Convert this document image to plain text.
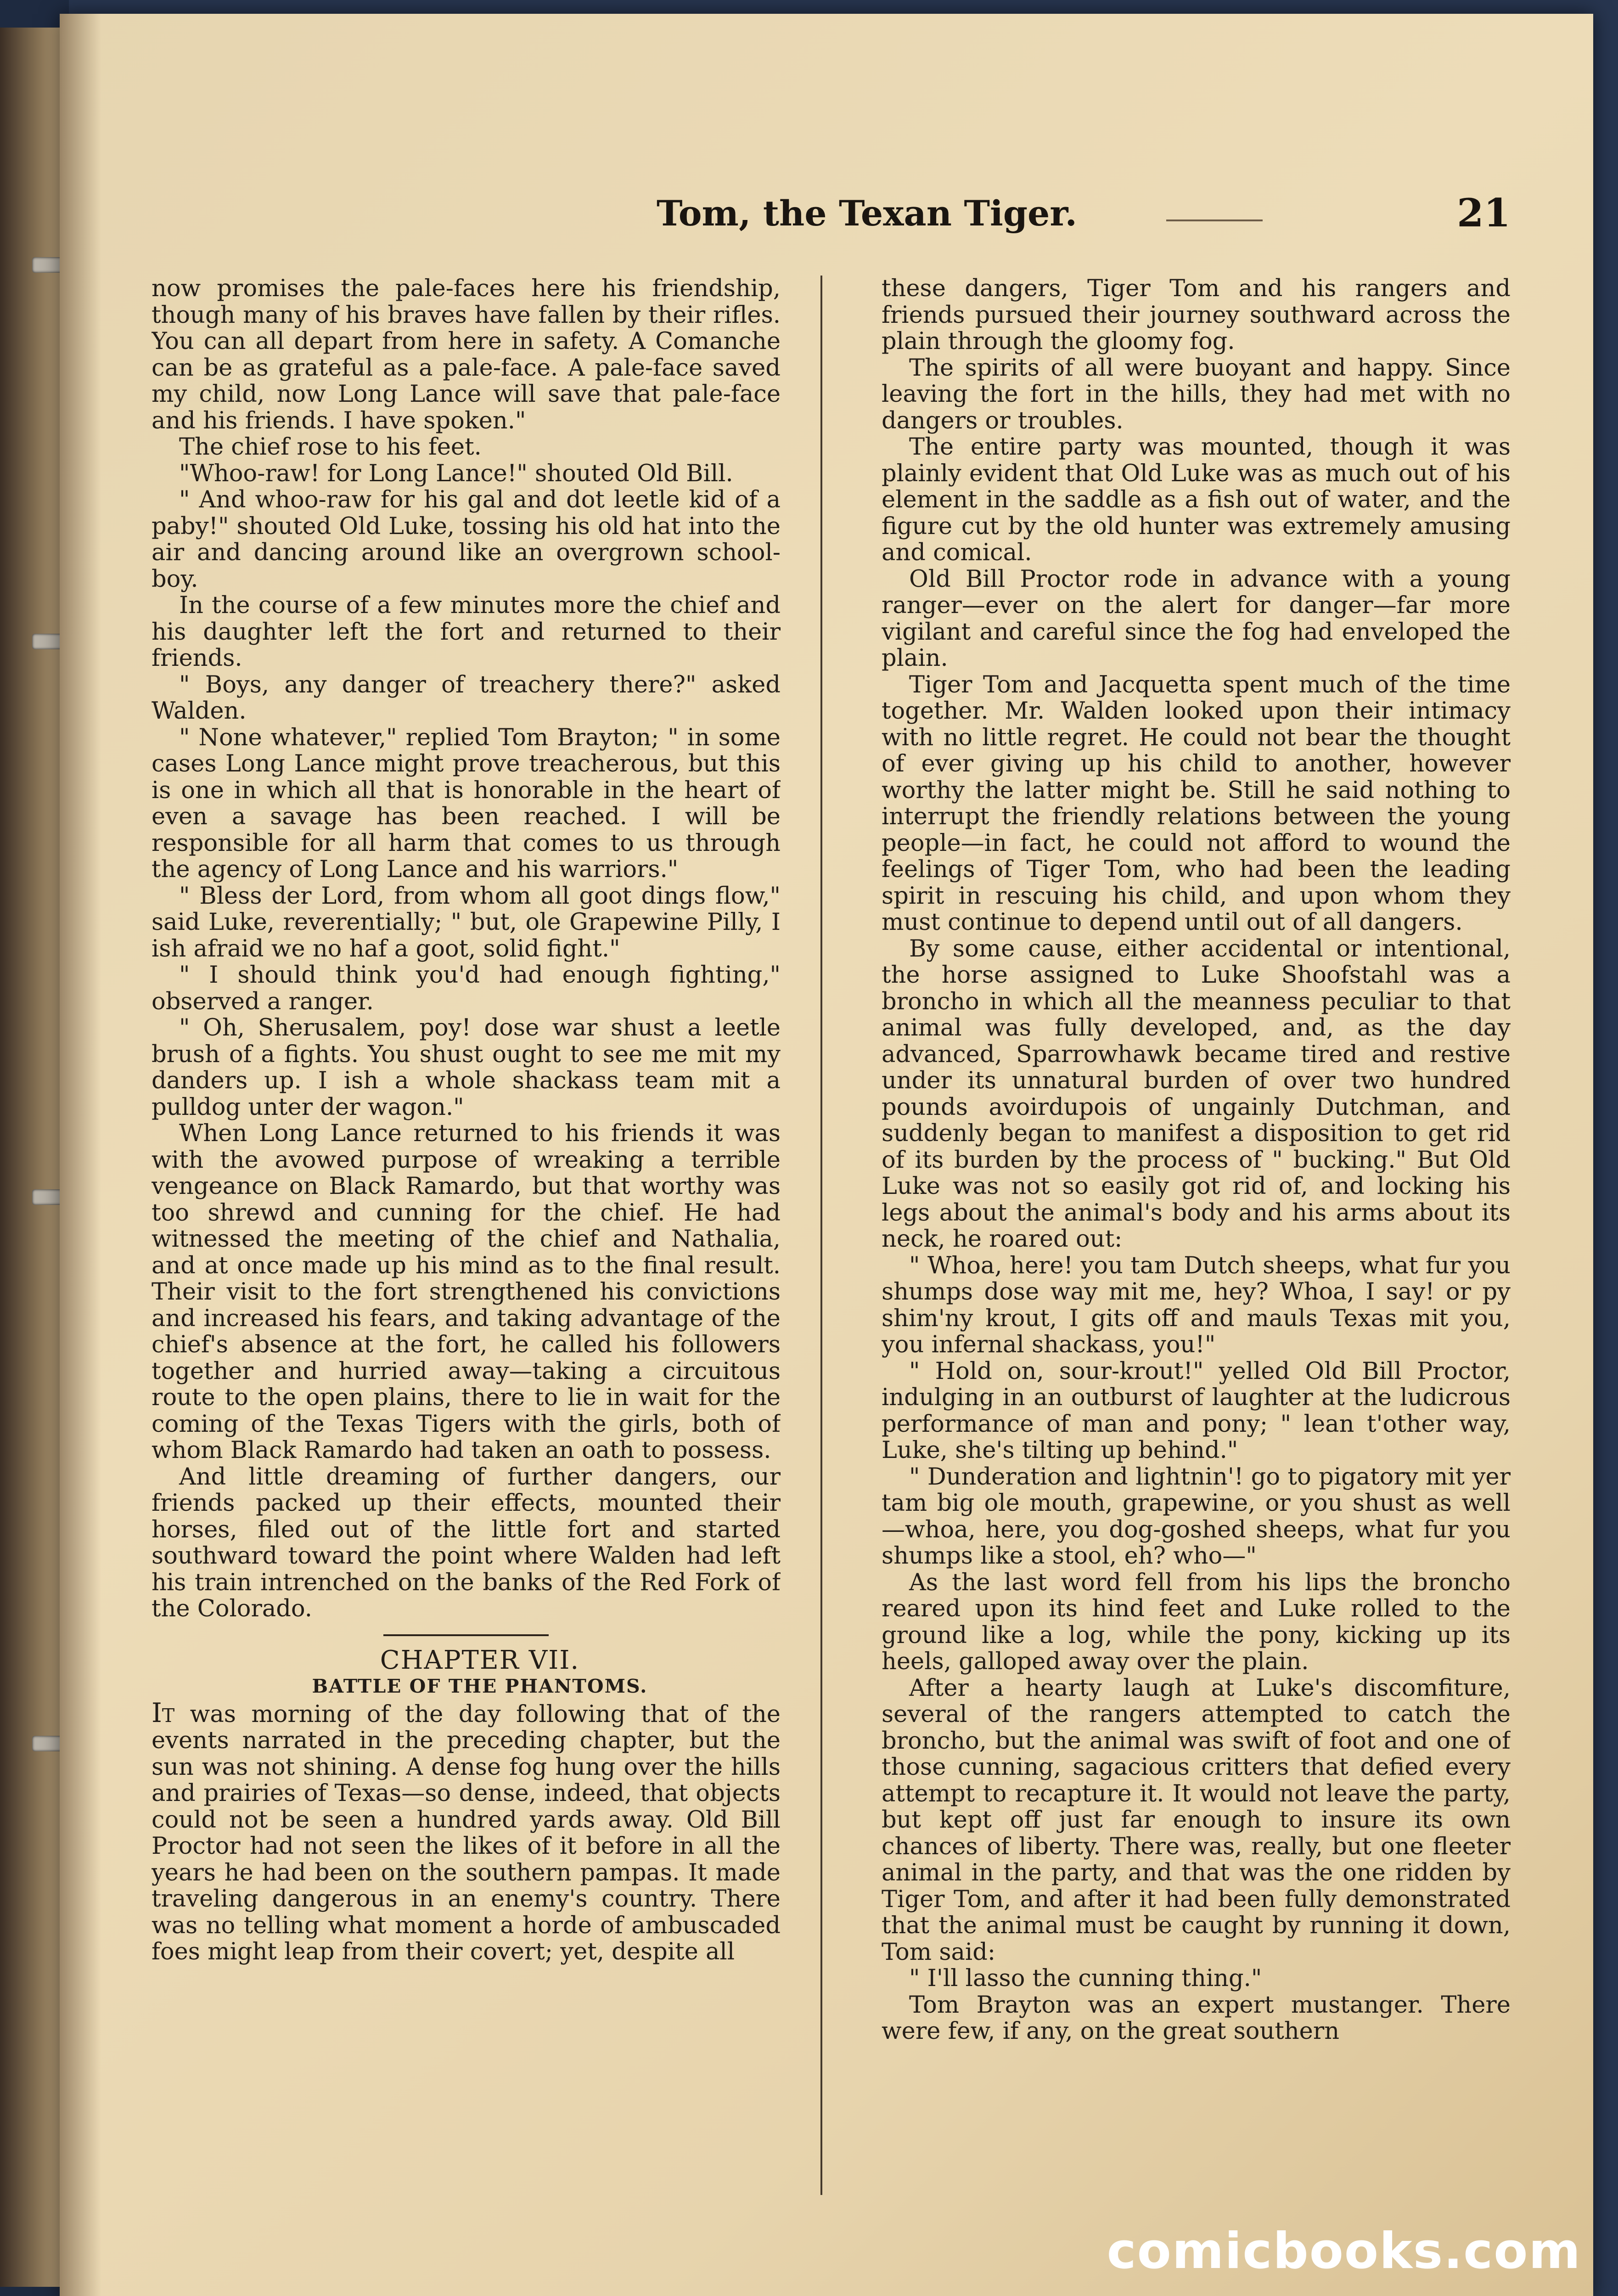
Tom, the Texan Tiger.	21

now promises the pale-faces here his friendship, though many of his braves have fallen by their rifles. You can all depart from here in safety. A Comanche can be as grateful as a pale-face. A pale-face saved my child, now Long Lance will save that pale-face and his friends. I have spoken."

The chief rose to his feet.

"Whoo-raw! for Long Lance!" shouted Old Bill.

" And whoo-raw for his gal and dot leetle kid of a paby!" shouted Old Luke, tossing his old hat into the air and dancing around like an overgrown school-boy.

In the course of a few minutes more the chief and his daughter left the fort and returned to their friends.

" Boys, any danger of treachery there?" asked Walden.

" None whatever," replied Tom Brayton; " in some cases Long Lance might prove treacherous, but this is one in which all that is honorable in the heart of even a savage has been reached. I will be responsible for all harm that comes to us through the agency of Long Lance and his warriors."

" Bless der Lord, from whom all goot dings flow," said Luke, reverentially; " but, ole Grapewine Pilly, I ish afraid we no haf a goot, solid fight."

" I should think you'd had enough fighting," observed a ranger.

" Oh, Sherusalem, poy! dose war shust a leetle brush of a fights. You shust ought to see me mit my danders up. I ish a whole shackass team mit a pulldog unter der wagon."

When Long Lance returned to his friends it was with the avowed purpose of wreaking a terrible vengeance on Black Ramardo, but that worthy was too shrewd and cunning for the chief. He had witnessed the meeting of the chief and Nathalia, and at once made up his mind as to the final result. Their visit to the fort strengthened his convictions and increased his fears, and taking advantage of the chief's absence at the fort, he called his followers together and hurried away—taking a circuitous route to the open plains, there to lie in wait for the coming of the Texas Tigers with the girls, both of whom Black Ramardo had taken an oath to possess.

And little dreaming of further dangers, our friends packed up their effects, mounted their horses, filed out of the little fort and started southward toward the point where Walden had left his train intrenched on the banks of the Red Fork of the Colorado.

CHAPTER VII.

BATTLE OF THE PHANTOMS.

It was morning of the day following that of the events narrated in the preceding chapter, but the sun was not shining. A dense fog hung over the hills and prairies of Texas—so dense, indeed, that objects could not be seen a hundred yards away. Old Bill Proctor had not seen the likes of it before in all the years he had been on the southern pampas. It made traveling dangerous in an enemy's country. There was no telling what moment a horde of ambuscaded foes might leap from their covert; yet, despite all

these dangers, Tiger Tom and his rangers and friends pursued their journey southward across the plain through the gloomy fog.

The spirits of all were buoyant and happy. Since leaving the fort in the hills, they had met with no dangers or troubles.

The entire party was mounted, though it was plainly evident that Old Luke was as much out of his element in the saddle as a fish out of water, and the figure cut by the old hunter was extremely amusing and comical.

Old Bill Proctor rode in advance with a young ranger—ever on the alert for danger—far more vigilant and careful since the fog had enveloped the plain.

Tiger Tom and Jacquetta spent much of the time together. Mr. Walden looked upon their intimacy with no little regret. He could not bear the thought of ever giving up his child to another, however worthy the latter might be. Still he said nothing to interrupt the friendly relations between the young people—in fact, he could not afford to wound the feelings of Tiger Tom, who had been the leading spirit in rescuing his child, and upon whom they must continue to depend until out of all dangers.

By some cause, either accidental or intentional, the horse assigned to Luke Shoofstahl was a broncho in which all the meanness peculiar to that animal was fully developed, and, as the day advanced, Sparrowhawk became tired and restive under its unnatural burden of over two hundred pounds avoirdupois of ungainly Dutchman, and suddenly began to manifest a disposition to get rid of its burden by the process of " bucking." But Old Luke was not so easily got rid of, and locking his legs about the animal's body and his arms about its neck, he roared out:

" Whoa, here! you tam Dutch sheeps, what fur you shumps dose way mit me, hey? Whoa, I say! or py shim'ny krout, I gits off and mauls Texas mit you, you infernal shackass, you!"

" Hold on, sour-krout!" yelled Old Bill Proctor, indulging in an outburst of laughter at the ludicrous performance of man and pony; " lean t'other way, Luke, she's tilting up behind."

" Dunderation and lightnin'! go to pigatory mit yer tam big ole mouth, grapewine, or you shust as well—whoa, here, you dog-goshed sheeps, what fur you shumps like a stool, eh? who—"

As the last word fell from his lips the broncho reared upon its hind feet and Luke rolled to the ground like a log, while the pony, kicking up its heels, galloped away over the plain.

After a hearty laugh at Luke's discomfiture, several of the rangers attempted to catch the broncho, but the animal was swift of foot and one of those cunning, sagacious critters that defied every attempt to recapture it. It would not leave the party, but kept off just far enough to insure its own chances of liberty. There was, really, but one fleeter animal in the party, and that was the one ridden by Tiger Tom, and after it had been fully demonstrated that the animal must be caught by running it down, Tom said:

" I'll lasso the cunning thing."

Tom Brayton was an expert mustanger. There were few, if any, on the great southern

comicbooks.com
